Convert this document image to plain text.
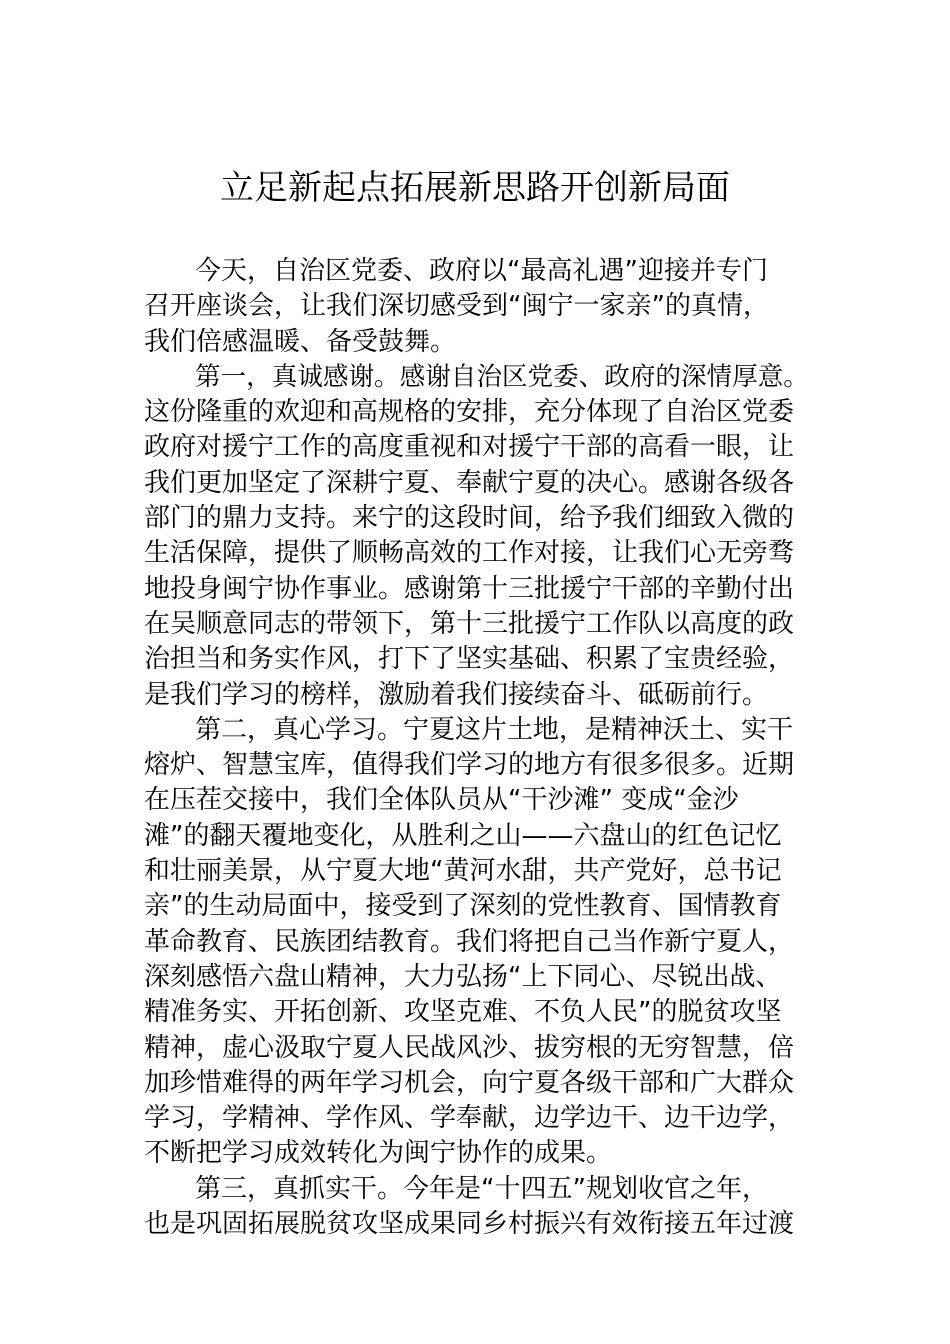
立足新起点拓展新思路开创新局面
今天，自治区党委、政府以“最高礼遇”迎接并专门
召开座谈会，让我们深切感受到“闽宁一家亲”的真情，
我们倍感温暖、备受鼓舞。
第一，真诚感谢。感谢自治区党委、政府的深情厚意。
这份隆重的欢迎和高规格的安排，充分体现了自治区党委
政府对援宁工作的高度重视和对援宁干部的高看一眼，让
我们更加坚定了深耕宁夏、奉献宁夏的决心。感谢各级各
部门的鼎力支持。来宁的这段时间，给予我们细致入微的
生活保障，提供了顺畅高效的工作对接，让我们心无旁骛
地投身闽宁协作事业。感谢第十三批援宁干部的辛勤付出
在吴顺意同志的带领下，第十三批援宁工作队以高度的政
治担当和务实作风，打下了坚实基础、积累了宝贵经验，
是我们学习的榜样，激励着我们接续奋斗、砥砺前行。
第二，真心学习。宁夏这片土地，是精神沃土、实干
熔炉、智慧宝库，值得我们学习的地方有很多很多。近期
在压茬交接中，我们全体队员从“干沙滩” 变成“金沙
滩”的翻天覆地变化，从胜利之山——六盘山的红色记忆
和壮丽美景，从宁夏大地“黄河水甜，共产党好，总书记
亲”的生动局面中，接受到了深刻的党性教育、国情教育
革命教育、民族团结教育。我们将把自己当作新宁夏人，
深刻感悟六盘山精神，大力弘扬“上下同心、尽锐出战、
精准务实、开拓创新、攻坚克难、不负人民”的脱贫攻坚
精神，虚心汲取宁夏人民战风沙、拔穷根的无穷智慧，倍
加珍惜难得的两年学习机会，向宁夏各级干部和广大群众
学习，学精神、学作风、学奉献，边学边干、边干边学，
不断把学习成效转化为闽宁协作的成果。
第三，真抓实干。今年是“十四五”规划收官之年，
也是巩固拓展脱贫攻坚成果同乡村振兴有效衔接五年过渡
